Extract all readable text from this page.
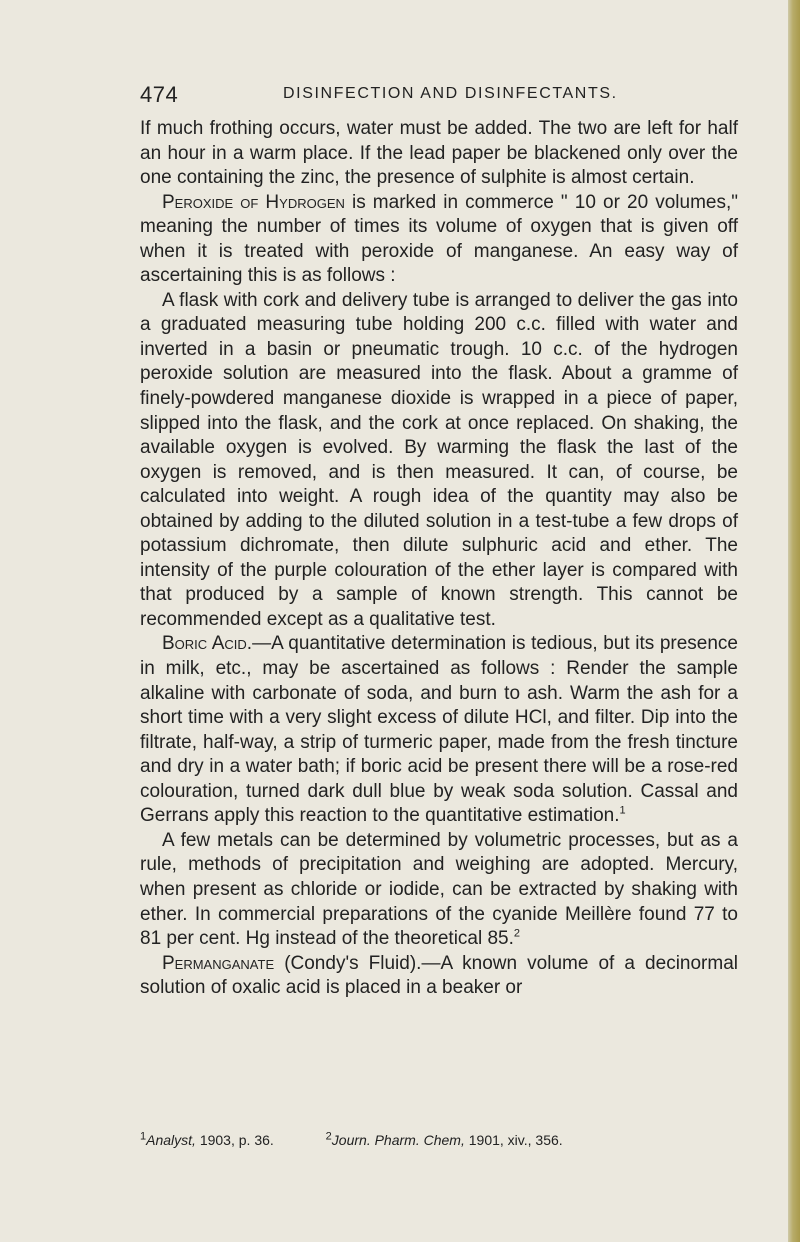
474	DISINFECTION AND DISINFECTANTS.

If much frothing occurs, water must be added. The two are left for half an hour in a warm place. If the lead paper be blackened only over the one containing the zinc, the presence of sulphite is almost certain.

Peroxide of Hydrogen is marked in commerce " 10 or 20 volumes," meaning the number of times its volume of oxygen that is given off when it is treated with peroxide of manganese. An easy way of ascertaining this is as follows :

A flask with cork and delivery tube is arranged to deliver the gas into a graduated measuring tube holding 200 c.c. filled with water and inverted in a basin or pneumatic trough. 10 c.c. of the hydrogen peroxide solution are measured into the flask. About a gramme of finely-powdered manganese dioxide is wrapped in a piece of paper, slipped into the flask, and the cork at once replaced. On shaking, the available oxygen is evolved. By warming the flask the last of the oxygen is removed, and is then measured. It can, of course, be calculated into weight. A rough idea of the quantity may also be obtained by adding to the diluted solution in a test-tube a few drops of potassium dichromate, then dilute sulphuric acid and ether. The intensity of the purple colouration of the ether layer is compared with that produced by a sample of known strength. This cannot be recommended except as a qualitative test.

Boric Acid.—A quantitative determination is tedious, but its presence in milk, etc., may be ascertained as follows : Render the sample alkaline with carbonate of soda, and burn to ash. Warm the ash for a short time with a very slight excess of dilute HCl, and filter. Dip into the filtrate, half-way, a strip of turmeric paper, made from the fresh tincture and dry in a water bath; if boric acid be present there will be a rose-red colouration, turned dark dull blue by weak soda solution. Cassal and Gerrans apply this reaction to the quantitative estimation.$^1$

A few metals can be determined by volumetric processes, but as a rule, methods of precipitation and weighing are adopted. Mercury, when present as chloride or iodide, can be extracted by shaking with ether. In commercial preparations of the cyanide Meillère found 77 to 81 per cent. Hg instead of the theoretical 85.$^2$

Permanganate (Condy's Fluid).—A known volume of a decinormal solution of oxalic acid is placed in a beaker or

$^1$Analyst, 1903, p. 36.	$^2$Journ. Pharm. Chem, 1901, xiv., 356.
